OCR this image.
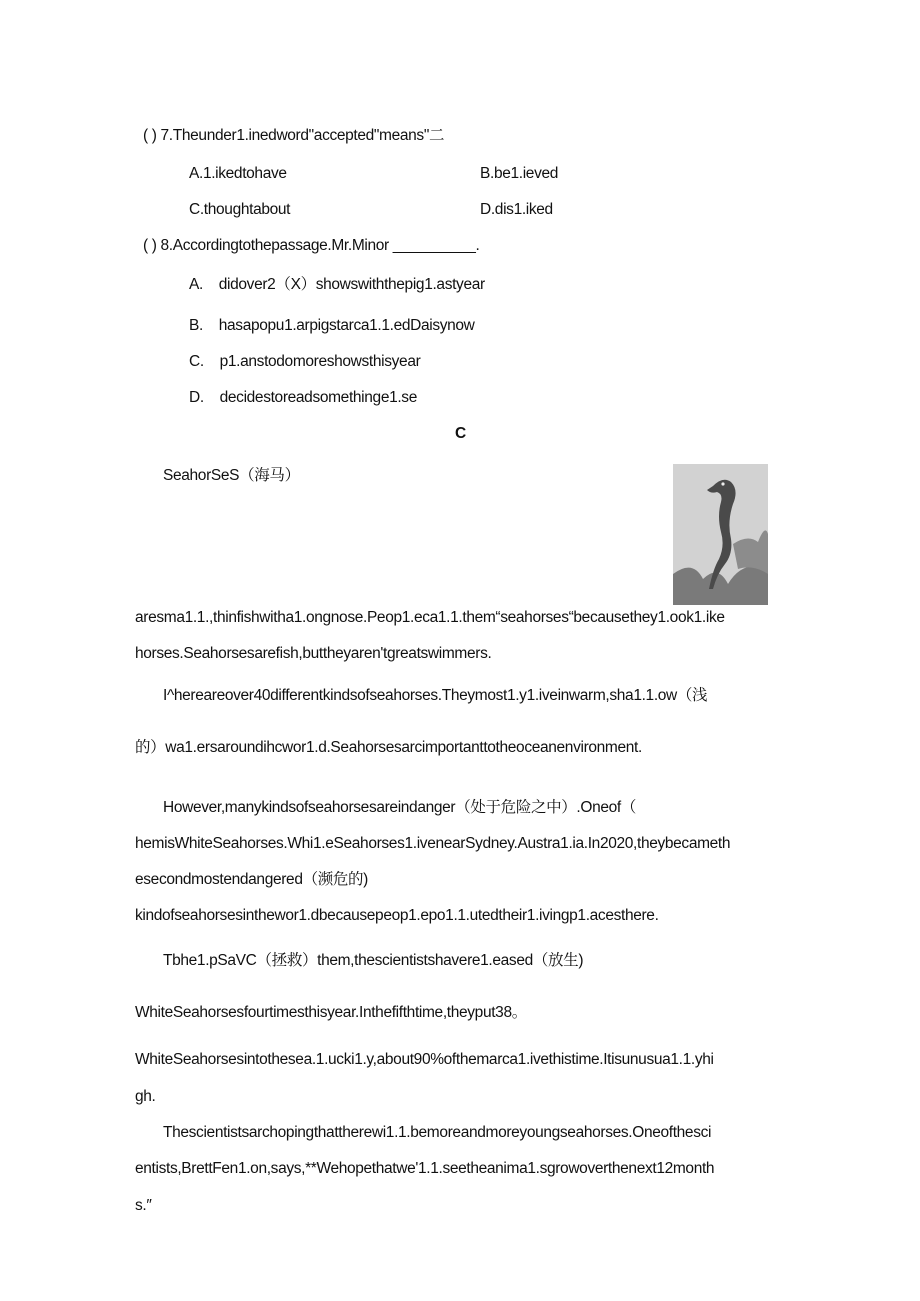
( ) 7.Theunder1.inedword"accepted"means"二
A.1.ikedtohave	B.be1.ieved
C.thoughtabout	D.dis1.iked
( ) 8.Accordingtothepassage.Mr.Minor __________.
A.    didover2（X）showswiththepig1.astyear
B.    hasapopu1.arpigstarca1.1.edDaisynow
C.    p1.anstodomoreshowsthisyear
D.    decidestoreadsomethinge1.se
C
SeahorSeS（海马）
aresma1.1.,thinfishwitha1.ongnose.Peop1.eca1.1.them“seahorses“becausethey1.ook1.ike
horses.Seahorsesarefish,buttheyaren'tgreatswimmers.
I^hereareover40differentkindsofseahorses.Theymost1.y1.iveinwarm,sha1.1.ow（浅
的）wa1.ersaroundihcwor1.d.Seahorsesarcimportanttotheoceanenvironment.
However,manykindsofseahorsesareindanger（处于危险之中）.Oneof（
hemisWhiteSeahorses.Whi1.eSeahorses1.ivenearSydney.Austra1.ia.In2020,theybecameth
esecondmostendangered（濒危的)
kindofseahorsesinthewor1.dbecausepeop1.epo1.1.utedtheir1.ivingp1.acesthere.
Tbhe1.pSaVC（拯救）them,thescientistshavere1.eased（放生)
WhiteSeahorsesfourtimesthisyear.Inthefifthtime,theyput38。
WhiteSeahorsesintothesea.1.ucki1.y,about90%ofthemarca1.ivethistime.Itisunusua1.1.yhi
gh.
Thescientistsarchopingthattherewi1.1.bemoreandmoreyoungseahorses.Oneofthesci
entists,BrettFen1.on,says,**Wehopethatwe'1.1.seetheanima1.sgrowoverthenext12month
s.″
